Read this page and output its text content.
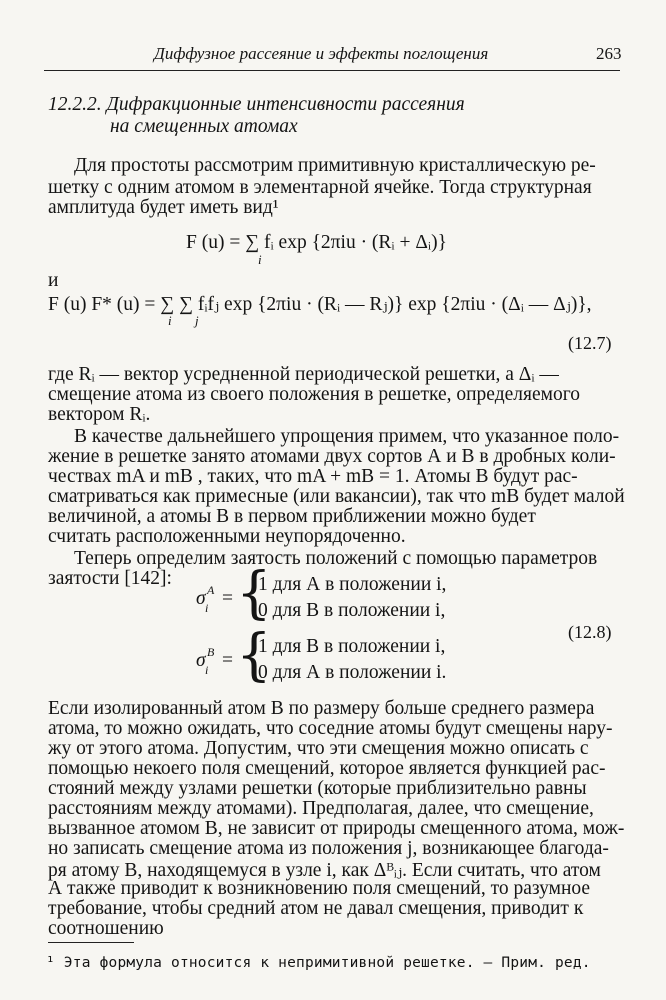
Диффузное рассеяние и эффекты поглощения	263
12.2.2. Дифракционные интенсивности рассеяния
на смещенных атомах
Для простоты рассмотрим примитивную кристаллическую ре-
шетку с одним атомом в элементарной ячейке. Тогда структурная
амплитуда будет иметь вид¹
F (u) = ∑ fᵢ exp {2πiu · (Rᵢ + Δᵢ)}
i
и
F (u) F* (u) = ∑ ∑ fᵢfⱼ exp {2πiu · (Rᵢ — Rⱼ)} exp {2πiu · (Δᵢ — Δⱼ)},
i j
(12.7)
где Rᵢ — вектор усредненной периодической решетки, а Δᵢ —
смещение атома из своего положения в решетке, определяемого
вектором Rᵢ.
В качестве дальнейшего упрощения примем, что указанное поло-
жение в решетке занято атомами двух сортов А и В в дробных коли-
чествах mA и mB , таких, что mA + mB = 1. Атомы В будут рас-
сматриваться как примесные (или вакансии), так что mB будет малой
величиной, а атомы В в первом приближении можно будет
считать расположенными неупорядоченно.
Теперь определим заятость положений с помощью параметров
заятости [142]:
σ A
i = {
1 для А в положении i,
0 для В в положении i,
(12.8)
σ B
i = {
1 для В в положении i,
0 для А в положении i.
Если изолированный атом В по размеру больше среднего размера
атома, то можно ожидать, что соседние атомы будут смещены нару-
жу от этого атома. Допустим, что эти смещения можно описать с
помощью некоего поля смещений, которое является функцией рас-
стояний между узлами решетки (которые приблизительно равны
расстояниям между атомами). Предполагая, далее, что смещение,
вызванное атомом В, не зависит от природы смещенного атома, мож-
но записать смещение атома из положения j, возникающее благода-
ря атому В, находящемуся в узле i, как Δᴮᵢⱼ. Если считать, что атом
А также приводит к возникновению поля смещений, то разумное
требование, чтобы средний атом не давал смещения, приводит к
соотношению
¹ Эта формула относится к непримитивной решетке. — Прим. ред.
